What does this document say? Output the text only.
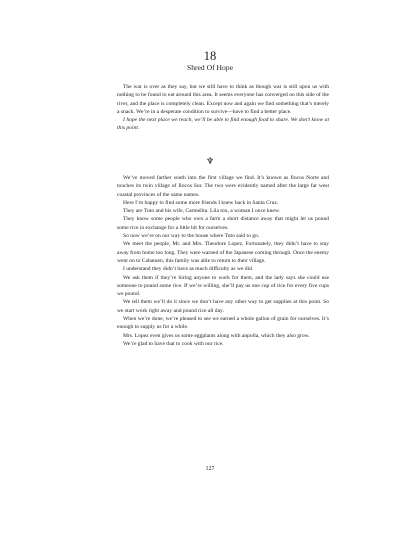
18
Shred Of Hope

The war is over as they say, but we still have to think as though war is still upon us with nothing to be found to eat around this area. It seems everyone has converged on this side of the river, and the place is completely clean. Except now and again we find something that’s merely a snack. We’re in a desperate condition to survive—have to find a better place.

I hope the next place we reach, we’ll be able to find enough food to share. We don’t know at this point.

♆

We’ve moved farther south into the first village we find. It’s known as Ilocos Norte and touches its twin village of Ilocos Sur. The two were evidently named after the large far west coastal provinces of the same names.

Here I’m happy to find some more friends I knew back in Santa Cruz.

They are Tuto and his wife, Carmelita. Lila too, a woman I once knew.

They know some people who own a farm a short distance away that might let us pound some rice in exchange for a little bit for ourselves.

So now we’re on our way to the house where Tuto said to go.

We meet the people, Mr. and Mrs. Theodore Lopez. Fortunately, they didn’t have to stay away from home too long. They were warned of the Japanese coming through. Once the enemy went on to Cabatuen, this family was able to return to their village.

I understand they didn’t have as much difficulty as we did.

We ask them if they’re hiring anyone to work for them, and the lady says she could use someone to pound some rice. If we’re willing, she’ll pay us one cup of rice for every five cups we pound.

We tell them we’ll do it since we don’t have any other way to get supplies at this point. So we start work right away and pound rice all day.

When we’re done, we’re pleased to see we earned a whole gallon of grain for ourselves. It’s enough to supply us for a while.

Mrs. Lopez even gives us some eggplants along with anpolla, which they also grow.

We’re glad to have that to cook with our rice.

127
